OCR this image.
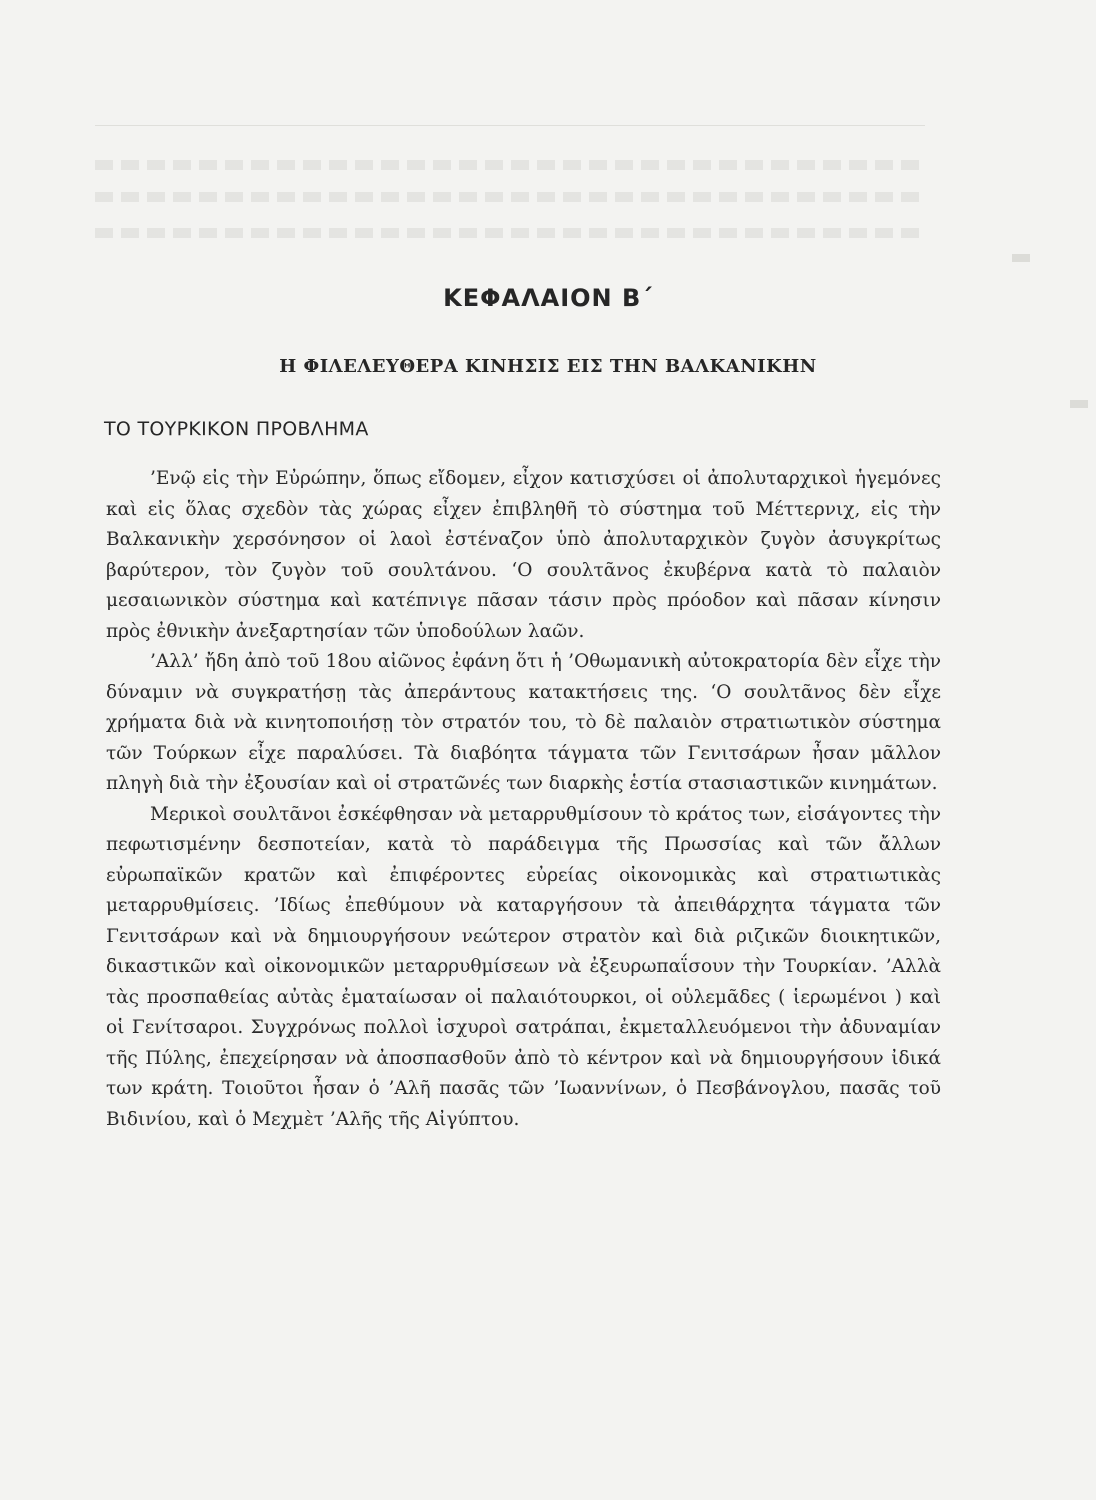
ΚΕΦΑΛΑΙΟΝ Β΄
Η ΦΙΛΕΛΕΥΘΕΡΑ ΚΙΝΗΣΙΣ ΕΙΣ ΤΗΝ ΒΑΛΚΑΝΙΚΗΝ
ΤΟ ΤΟΥΡΚΙΚΟΝ ΠΡΟΒΛΗΜΑ

’Ενῷ εἰς τὴν Εὐρώπην, ὅπως εἴδομεν, εἶχον κατισχύσει οἱ ἀπολυταρχικοὶ ἡγεμόνες καὶ εἰς ὅλας σχεδὸν τὰς χώρας εἶχεν ἐπιβληθῆ τὸ σύστημα τοῦ Μέττερνιχ, εἰς τὴν Βαλκανικὴν χερσόνησον οἱ λαοὶ ἐστέναζον ὑπὸ ἀπολυταρχικὸν ζυγὸν ἀσυγκρίτως βαρύτερον, τὸν ζυγὸν τοῦ σουλτάνου. ‘Ο σουλτᾶνος ἐκυβέρνα κατὰ τὸ παλαιὸν μεσαιωνικὸν σύστημα καὶ κατέπνιγε πᾶσαν τάσιν πρὸς πρόοδον καὶ πᾶσαν κίνησιν πρὸς ἐθνικὴν ἀνεξαρτησίαν τῶν ὑποδούλων λαῶν.

’Αλλ’ ἤδη ἀπὸ τοῦ 18ου αἰῶνος ἐφάνη ὅτι ἡ ’Οθωμανικὴ αὐτοκρατορία δὲν εἶχε τὴν δύναμιν νὰ συγκρατήσῃ τὰς ἀπεράντους κατακτήσεις της. ‘Ο σουλτᾶνος δὲν εἶχε χρήματα διὰ νὰ κινητοποιήσῃ τὸν στρατόν του, τὸ δὲ παλαιὸν στρατιωτικὸν σύστημα τῶν Τούρκων εἶχε παραλύσει. Τὰ διαβόητα τάγματα τῶν Γενιτσάρων ἦσαν μᾶλλον πληγὴ διὰ τὴν ἐξουσίαν καὶ οἱ στρατῶνές των διαρκὴς ἑστία στασιαστικῶν κινημάτων.

Μερικοὶ σουλτᾶνοι ἐσκέφθησαν νὰ μεταρρυθμίσουν τὸ κράτος των, εἰσάγοντες τὴν πεφωτισμένην δεσποτείαν, κατὰ τὸ παράδειγμα τῆς Πρωσσίας καὶ τῶν ἄλλων εὐρωπαϊκῶν κρατῶν καὶ ἐπιφέροντες εὐρείας οἰκονομικὰς καὶ στρατιωτικὰς μεταρρυθμίσεις. ’Ιδίως ἐπεθύμουν νὰ καταργήσουν τὰ ἀπειθάρχητα τάγματα τῶν Γενιτσάρων καὶ νὰ δημιουργήσουν νεώτερον στρατὸν καὶ διὰ ριζικῶν διοικητικῶν, δικαστικῶν καὶ οἰκονομικῶν μεταρρυθμίσεων νὰ ἐξευρωπαΐσουν τὴν Τουρκίαν. ’Αλλὰ τὰς προσπαθείας αὐτὰς ἐματαίωσαν οἱ παλαιότουρκοι, οἱ οὐλεμᾶδες ( ἱερωμένοι ) καὶ οἱ Γενίτσαροι. Συγχρόνως πολλοὶ ἰσχυροὶ σατράπαι, ἐκμεταλλευόμενοι τὴν ἀδυναμίαν τῆς Πύλης, ἐπεχείρησαν νὰ ἀποσπασθοῦν ἀπὸ τὸ κέντρον καὶ νὰ δημιουργήσουν ἰδικά των κράτη. Τοιοῦτοι ἦσαν ὁ ’Αλῆ πασᾶς τῶν ’Ιωαννίνων, ὁ Πεσβάνογλου, πασᾶς τοῦ Βιδινίου, καὶ ὁ Μεχμὲτ ’Αλῆς τῆς Αἰγύπτου.
